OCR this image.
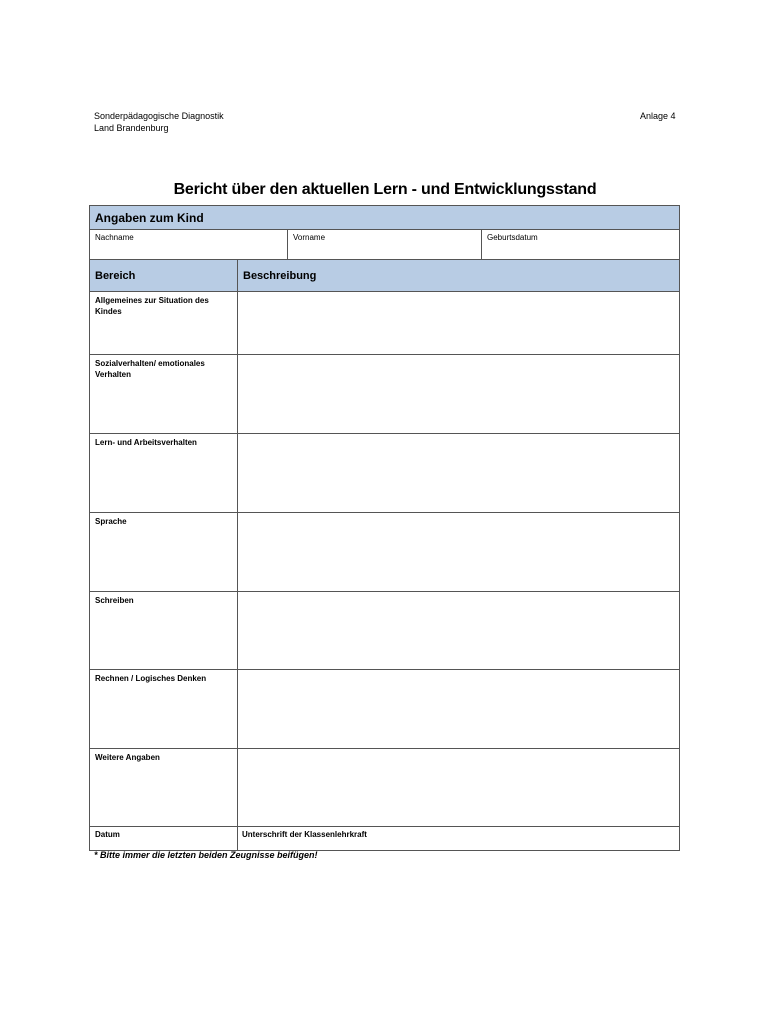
Sonderpädagogische Diagnostik
Land Brandenburg
Anlage 4
Bericht über den aktuellen Lern - und Entwicklungsstand
Angaben zum Kind
Nachname	Vorname	Geburtsdatum
Bereich	Beschreibung
Allgemeines zur Situation des Kindes
Sozialverhalten/ emotionales Verhalten
Lern- und Arbeitsverhalten
Sprache
Schreiben
Rechnen / Logisches Denken
Weitere Angaben
Datum	Unterschrift der Klassenlehrkraft
* Bitte immer die letzten beiden Zeugnisse beifügen!
